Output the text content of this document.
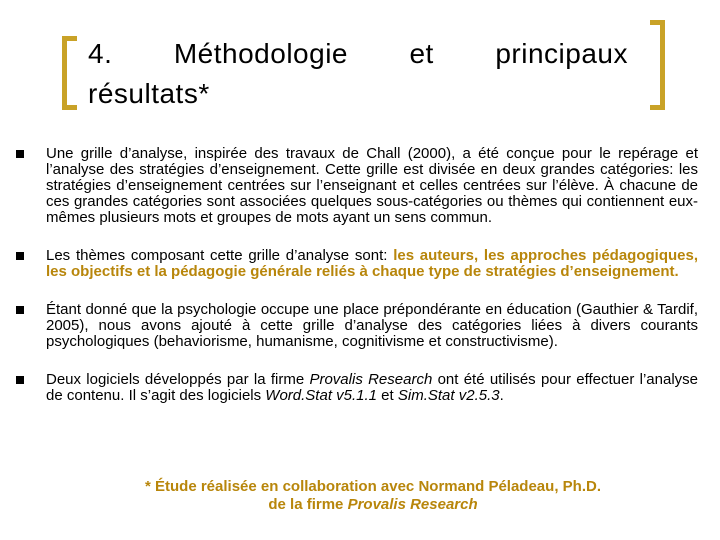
4. Méthodologie et principaux
résultats*
Une grille d’analyse, inspirée des travaux de Chall (2000), a été conçue pour le repérage et l’analyse des stratégies d’enseignement. Cette grille est divisée en deux grandes catégories: les stratégies d’enseignement centrées sur l’enseignant et celles centrées sur l’élève. À chacune de ces grandes catégories sont associées quelques sous-catégories ou thèmes qui contiennent eux-mêmes plusieurs mots et groupes de mots ayant un sens commun.
Les thèmes composant cette grille d’analyse sont: les auteurs, les approches pédagogiques, les objectifs et la pédagogie générale reliés à chaque type de stratégies d’enseignement.
Étant donné que la psychologie occupe une place prépondérante en éducation (Gauthier & Tardif, 2005), nous avons ajouté à cette grille d’analyse des catégories liées à divers courants psychologiques (behaviorisme, humanisme, cognitivisme et constructivisme).
Deux logiciels développés par la firme Provalis Research ont été utilisés pour effectuer l’analyse de contenu. Il s’agit des logiciels Word.Stat v5.1.1 et Sim.Stat v2.5.3.
* Étude réalisée en collaboration avec Normand Péladeau, Ph.D.
de la firme Provalis Research
